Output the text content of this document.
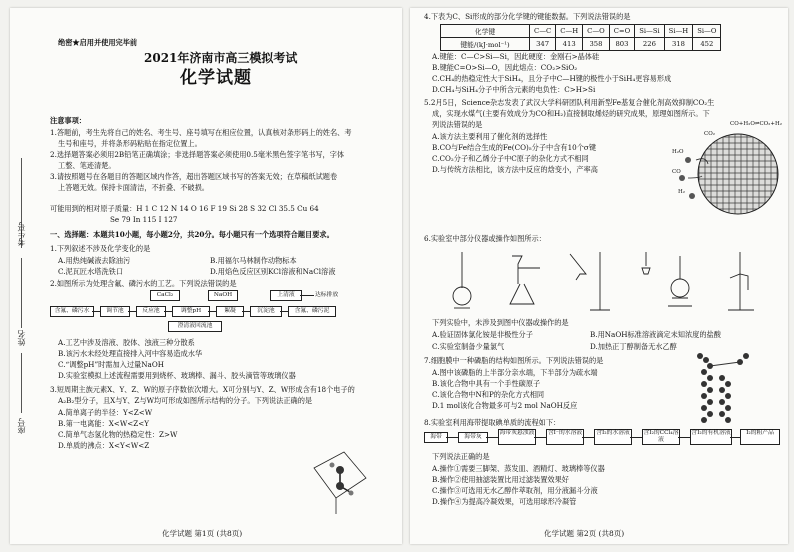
考生号
姓名
座号
绝密★启用并使用完毕前
2021年济南市高三模拟考试
化学试题
注意事项：
1.答题前，考生先将自己的姓名、考生号、座号填写在相应位置，认真核对条形码上的姓名、考
生号和座号，并将条形码粘贴在指定位置上。
2.选择题答案必须用2B铅笔正确填涂；非选择题答案必须使用0.5毫米黑色签字笔书写，字体
工整、笔迹清楚。
3.请按照题号在各题目的答题区域内作答，超出答题区域书写的答案无效；在草稿纸试题卷
上答题无效。保持卡面清洁，不折叠、不破损。
可能用到的相对原子质量：H 1 C 12 N 14 O 16 F 19 Si 28 S 32 Cl 35.5 Cu 64
Se 79 In 115 I 127
一、选择题：本题共10小题，每小题2分，共20分。每小题只有一个选项符合题目要求。
1.下列叙述不涉及化学变化的是
A.用热纯碱液去除油污	B.用福尔马林制作动物标本
C.泥瓦匠水塔洗铁口	D.用焰色反应区别KCl溶液和NaCl溶液
2.如图所示为处理含氟、磷污水的工艺。下列说法错误的是
CaCl₂	NaOH	上清液	达标排放
含氟、磷污水	调节池	反应池	调整pH	絮凝	沉淀池	含氟、磷污泥
澄清液回流池
A.工艺中涉及溶液、胶体、浊液三种分散系
B.该污水未经处理直接排入河中容易造成水华
C.“调整pH”时需加入过量NaOH
D.实验室模拟上述流程需要用到烧杯、玻璃棒、漏斗、胶头滴管等玻璃仪器
3.短周期主族元素X、Y、Z、W的原子序数依次增大。X可分别与Y、Z、W形成含有18个电子的
A₂B₂型分子，且X与Y、Z与W均可形成如图所示结构的分子。下列说法正确的是
A.简单离子的半径：Y<Z<W
B.第一电离能：X<W<Z<Y
C.简单气态氢化物的热稳定性：Z>W
D.单质的沸点：X<Y<W<Z
化学试题 第1页 (共8页)
4.下表为C、Si形成的部分化学键的键能数据。下列说法错误的是
化学键	C—C	C—H	C—O	C=O	Si—Si	Si—H	Si—O
键能/(kJ·mol⁻¹)	347	413	358	803	226	318	452
A.键能：C—C>Si—Si，因此硬度：金刚石>晶体硅
B.键能C=O>Si—O，因此熔点：CO₂>SiO₂
C.CH₄的热稳定性大于SiH₄，且分子中C—H键的极性小于SiH₄更容易形成
D.CH₄与SiH₄分子中所含元素的电负性：C>H>Si
5.2月5日，Science杂志发表了武汉大学科研团队利用新型Fe基复合催化剂高效抑制CO₂生
成，实现水煤气(主要有效成分为CO和H₂)直接制取烯烃的研究成果，原理如图所示。下
列说法错误的是
A.该方法主要利用了催化剂的选择性
B.CO与Fe结合生成的Fe(CO)₅分子中含有10个σ键
C.CO₂分子和乙烯分子中C原子的杂化方式不相同
D.与传统方法相比，该方法中反应的焓变小，产率高
CO+H₂O⇌CO₂+H₂
H₂O
CO
H₂
CO₂
6.实验室中部分仪器或操作如图所示：
下列实验中，未涉及到图中仪器或操作的是
A.验证固体氯化铵是非极性分子	B.用NaOH标准溶液滴定未知浓度的盐酸
C.实验室制备少量氯气	D.加热正丁醇制备无水乙醇
7.细胞膜中一种磷脂的结构如图所示。下列说法错误的是
A.图中该磷脂的上半部分亲水端，下半部分为疏水端
B.该化合物中具有一个手性碳原子
C.该化合物中N和P的杂化方式相同
D.1 mol该化合物最多可与2 mol NaOH反应
8.实验室利用海带提取碘单质的流程如下：
海带	海带灰
海带灰悬浊液	含I⁻的水溶液	含I₂的水溶液	含I₂的CCl₄溶液
含I₂的有机溶液	I₂的粗产品
下列说法正确的是
A.操作①需要三脚架、蒸发皿、酒精灯、玻璃棒等仪器
B.操作②使用抽滤装置比用过滤装置效果好
C.操作③可选用无水乙醇作萃取剂，用分液漏斗分液
D.操作④为提高冷凝效果，可选用球形冷凝管
化学试题 第2页 (共8页)
